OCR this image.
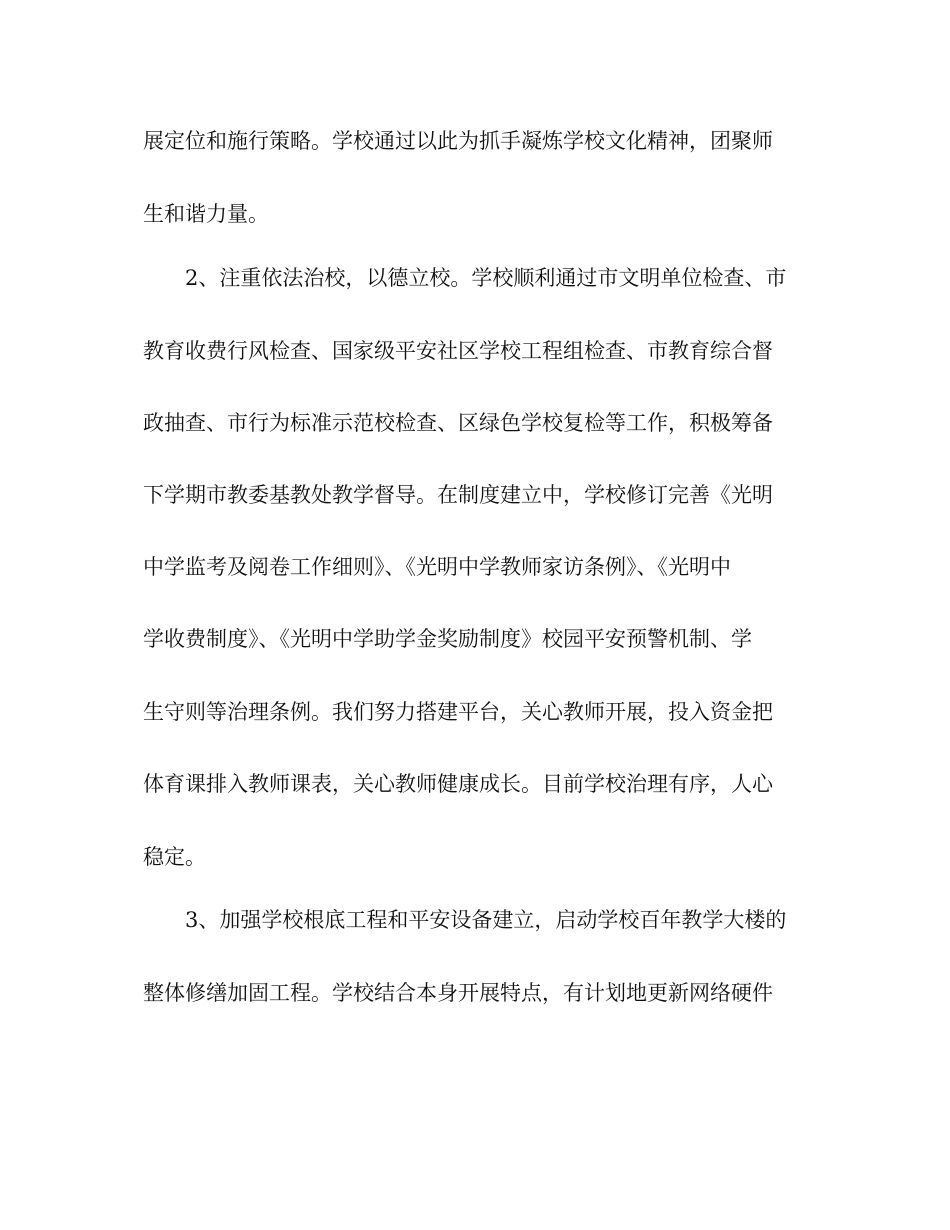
展定位和施行策略。学校通过以此为抓手凝炼学校文化精神，团聚师
生和谐力量。
2、注重依法治校，以德立校。学校顺利通过市文明单位检查、市
教育收费行风检查、国家级平安社区学校工程组检查、市教育综合督
政抽查、市行为标准示范校检查、区绿色学校复检等工作，积极筹备
下学期市教委基教处教学督导。在制度建立中，学校修订完善《光明
中学监考及阅卷工作细则》、《光明中学教师家访条例》、《光明中
学收费制度》、《光明中学助学金奖励制度》校园平安预警机制、学
生守则等治理条例。我们努力搭建平台，关心教师开展，投入资金把
体育课排入教师课表，关心教师健康成长。目前学校治理有序，人心
稳定。
3、加强学校根底工程和平安设备建立，启动学校百年教学大楼的
整体修缮加固工程。学校结合本身开展特点，有计划地更新网络硬件
